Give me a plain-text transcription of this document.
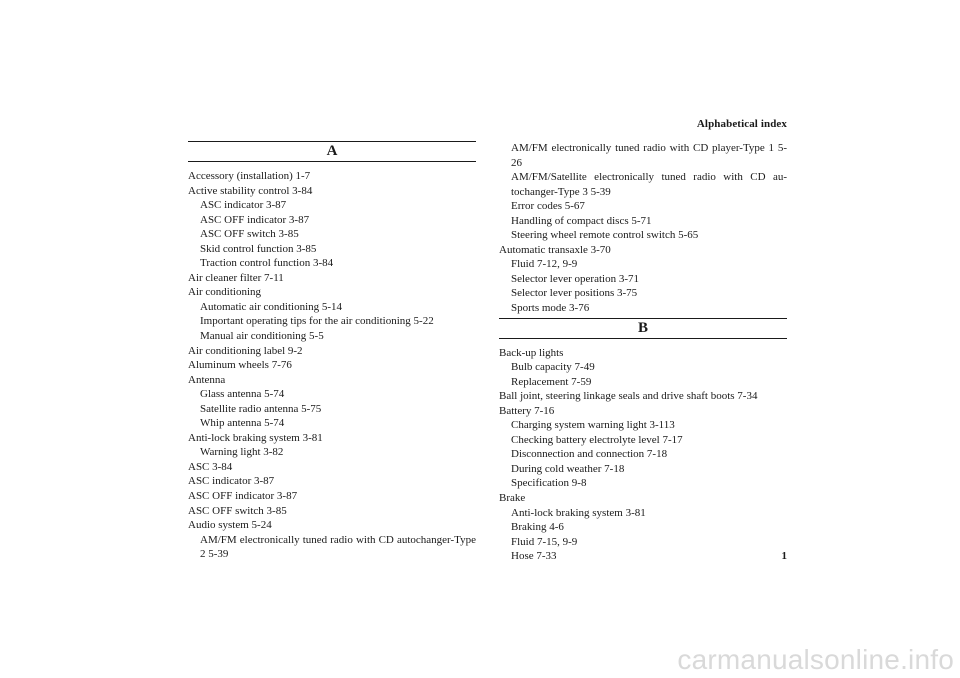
Alphabetical index
A
Accessory (installation) 1-7
Active stability control 3-84
ASC indicator 3-87
ASC OFF indicator 3-87
ASC OFF switch 3-85
Skid control function 3-85
Traction control function 3-84
Air cleaner filter 7-11
Air conditioning
Automatic air conditioning 5-14
Important operating tips for the air conditioning 5-22
Manual air conditioning 5-5
Air conditioning label 9-2
Aluminum wheels 7-76
Antenna
Glass antenna 5-74
Satellite radio antenna 5-75
Whip antenna 5-74
Anti-lock braking system 3-81
Warning light 3-82
ASC 3-84
ASC indicator 3-87
ASC OFF indicator 3-87
ASC OFF switch 3-85
Audio system 5-24
AM/FM electronically tuned radio with CD autochanger-Type 2 5-39
AM/FM electronically tuned radio with CD player-Type 1 5-26
AM/FM/Satellite electronically tuned radio with CD au-tochanger-Type 3 5-39
Error codes 5-67
Handling of compact discs 5-71
Steering wheel remote control switch 5-65
Automatic transaxle 3-70
Fluid 7-12, 9-9
Selector lever operation 3-71
Selector lever positions 3-75
Sports mode 3-76
B
Back-up lights
Bulb capacity 7-49
Replacement 7-59
Ball joint, steering linkage seals and drive shaft boots 7-34
Battery 7-16
Charging system warning light 3-113
Checking battery electrolyte level 7-17
Disconnection and connection 7-18
During cold weather 7-18
Specification 9-8
Brake
Anti-lock braking system 3-81
Braking 4-6
Fluid 7-15, 9-9
Hose 7-33	1
carmanualsonline.info
